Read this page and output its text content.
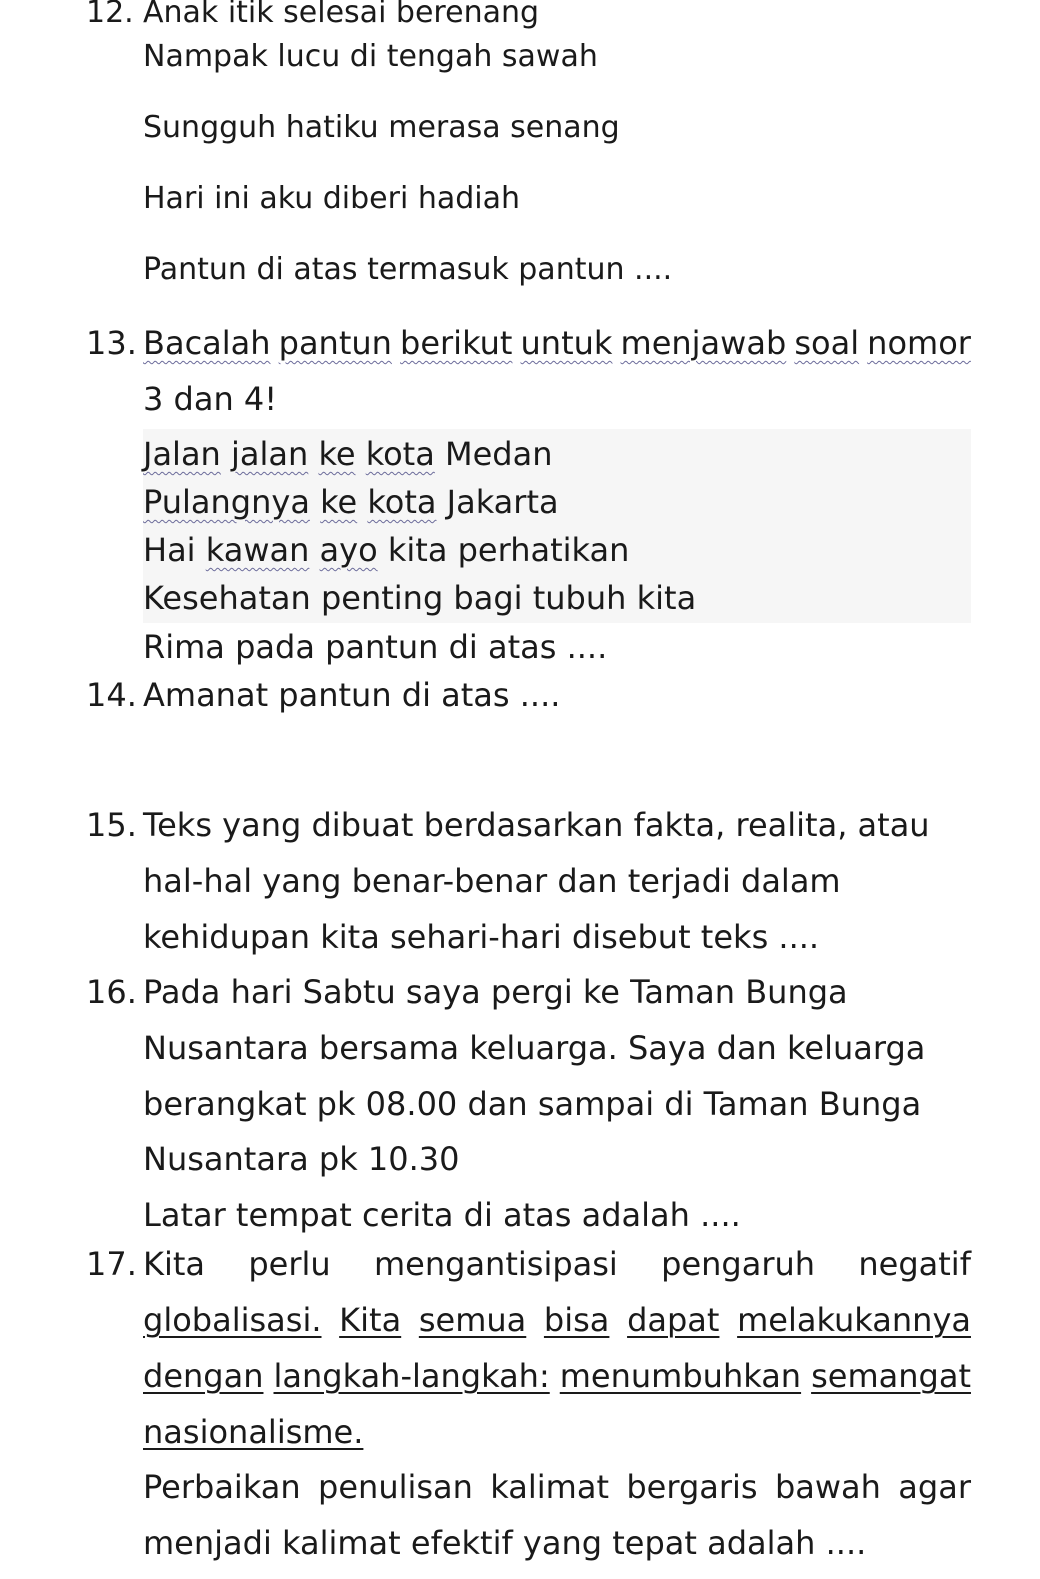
12. Anak itik selesai berenang
Nampak lucu di tengah sawah
Sungguh hatiku merasa senang
Hari ini aku diberi hadiah
Pantun di atas termasuk pantun ....
13. Bacalah pantun berikut untuk menjawab soal nomor
3 dan 4!
Jalan jalan ke kota Medan
Pulangnya ke kota Jakarta
Hai kawan ayo kita perhatikan
Kesehatan penting bagi tubuh kita
Rima pada pantun di atas ....
14. Amanat pantun di atas ....
15. Teks yang dibuat berdasarkan fakta, realita, atau
hal-hal yang benar-benar dan terjadi dalam
kehidupan kita sehari-hari disebut teks ....
16. Pada hari Sabtu saya pergi ke Taman Bunga
Nusantara bersama keluarga. Saya dan keluarga
berangkat pk 08.00 dan sampai di Taman Bunga
Nusantara pk 10.30
Latar tempat cerita di atas adalah ....
17. Kita perlu mengantisipasi pengaruh negatif
globalisasi. Kita semua bisa dapat melakukannya
dengan langkah-langkah: menumbuhkan semangat
nasionalisme.
Perbaikan penulisan kalimat bergaris bawah agar
menjadi kalimat efektif yang tepat adalah ....
